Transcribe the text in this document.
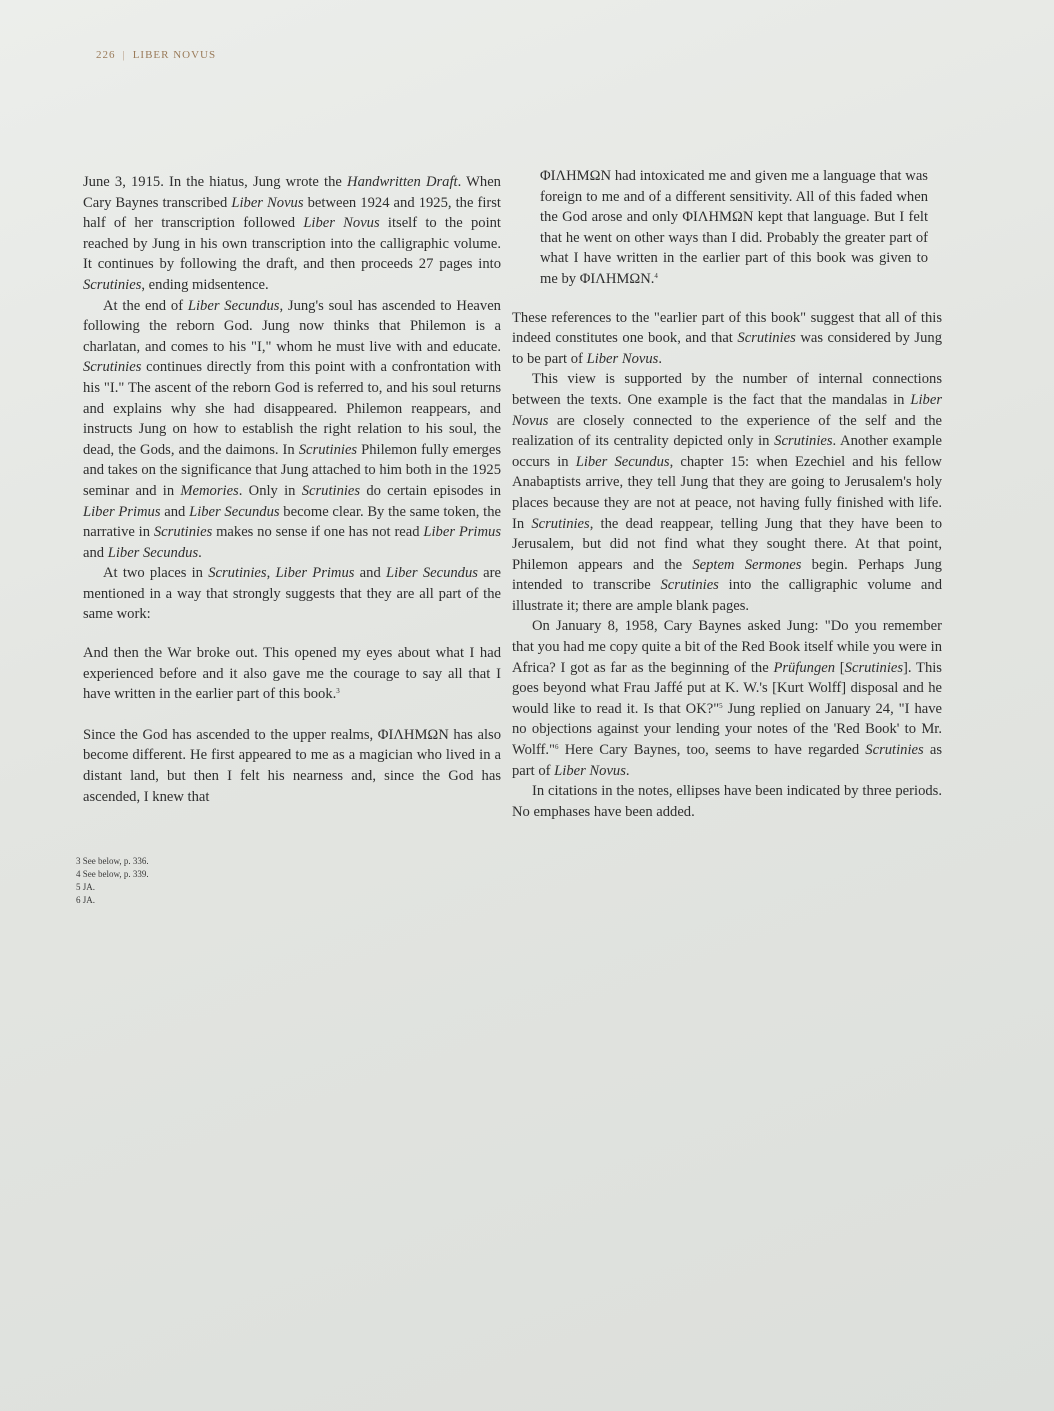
226 | LIBER NOVUS

June 3, 1915. In the hiatus, Jung wrote the Handwritten Draft. When Cary Baynes transcribed Liber Novus between 1924 and 1925, the first half of her transcription followed Liber Novus itself to the point reached by Jung in his own transcription into the calligraphic volume. It continues by following the draft, and then proceeds 27 pages into Scrutinies, ending midsentence.

At the end of Liber Secundus, Jung's soul has ascended to Heaven following the reborn God. Jung now thinks that Philemon is a charlatan, and comes to his "I," whom he must live with and educate. Scrutinies continues directly from this point with a confrontation with his "I." The ascent of the reborn God is referred to, and his soul returns and explains why she had disappeared. Philemon reappears, and instructs Jung on how to establish the right relation to his soul, the dead, the Gods, and the daimons. In Scrutinies Philemon fully emerges and takes on the significance that Jung attached to him both in the 1925 seminar and in Memories. Only in Scrutinies do certain episodes in Liber Primus and Liber Secundus become clear. By the same token, the narrative in Scrutinies makes no sense if one has not read Liber Primus and Liber Secundus.

At two places in Scrutinies, Liber Primus and Liber Secundus are mentioned in a way that strongly suggests that they are all part of the same work:

And then the War broke out. This opened my eyes about what I had experienced before and it also gave me the courage to say all that I have written in the earlier part of this book.$^3$

Since the God has ascended to the upper realms, ΦΙΛΗΜΩΝ has also become different. He first appeared to me as a magician who lived in a distant land, but then I felt his nearness and, since the God has ascended, I knew that

ΦΙΛΗΜΩΝ had intoxicated me and given me a language that was foreign to me and of a different sensitivity. All of this faded when the God arose and only ΦΙΛΗΜΩΝ kept that language. But I felt that he went on other ways than I did. Probably the greater part of what I have written in the earlier part of this book was given to me by ΦΙΛΗΜΩΝ.$^4$

These references to the "earlier part of this book" suggest that all of this indeed constitutes one book, and that Scrutinies was considered by Jung to be part of Liber Novus.

This view is supported by the number of internal connections between the texts. One example is the fact that the mandalas in Liber Novus are closely connected to the experience of the self and the realization of its centrality depicted only in Scrutinies. Another example occurs in Liber Secundus, chapter 15: when Ezechiel and his fellow Anabaptists arrive, they tell Jung that they are going to Jerusalem's holy places because they are not at peace, not having fully finished with life. In Scrutinies, the dead reappear, telling Jung that they have been to Jerusalem, but did not find what they sought there. At that point, Philemon appears and the Septem Sermones begin. Perhaps Jung intended to transcribe Scrutinies into the calligraphic volume and illustrate it; there are ample blank pages.

On January 8, 1958, Cary Baynes asked Jung: "Do you remember that you had me copy quite a bit of the Red Book itself while you were in Africa? I got as far as the beginning of the Prüfungen [Scrutinies]. This goes beyond what Frau Jaffé put at K. W.'s [Kurt Wolff] disposal and he would like to read it. Is that OK?"$^5$ Jung replied on January 24, "I have no objections against your lending your notes of the 'Red Book' to Mr. Wolff."$^6$ Here Cary Baynes, too, seems to have regarded Scrutinies as part of Liber Novus.

In citations in the notes, ellipses have been indicated by three periods. No emphases have been added.

3 See below, p. 336.
4 See below, p. 339.
5 JA.
6 JA.
